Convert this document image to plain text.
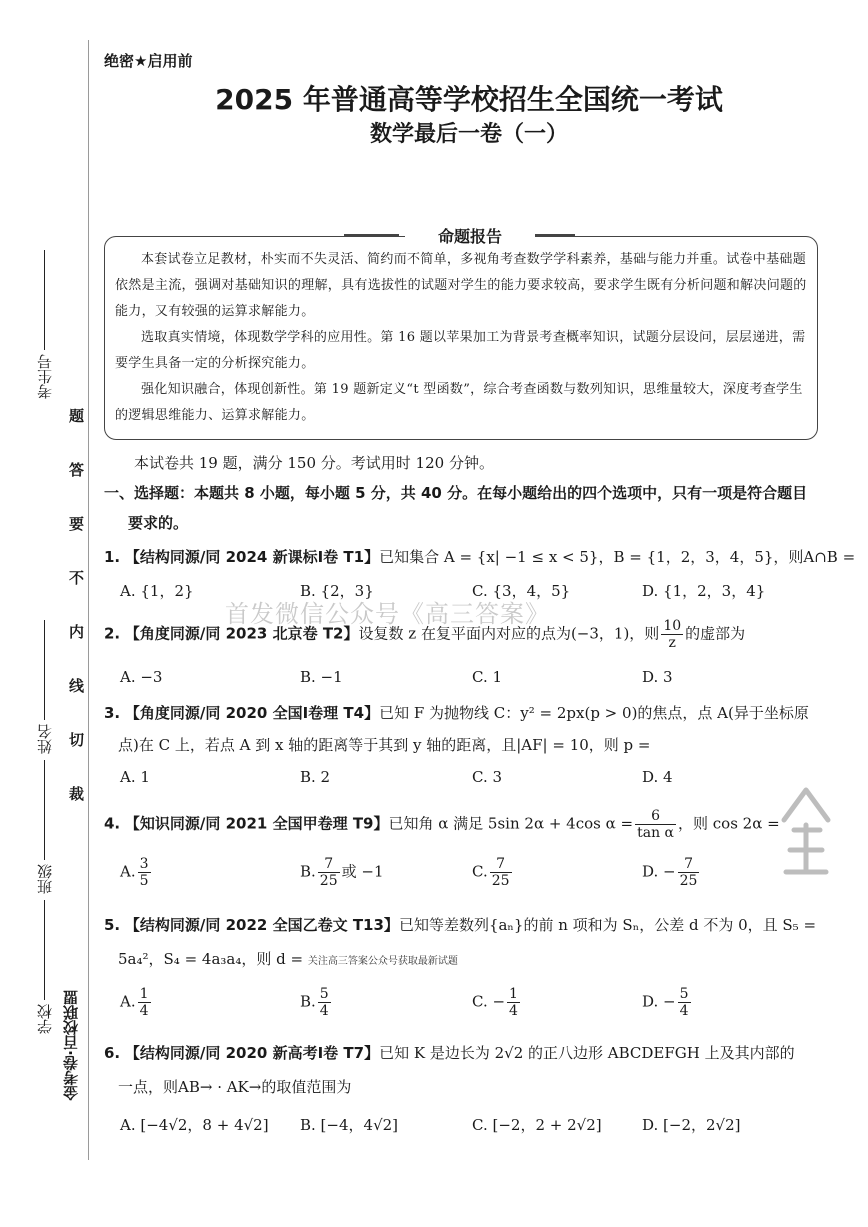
考生号
姓名
班级
学校
题
答
要
不
内
线
切
裁
金考卷·百校联盟
绝密★启用前
2025 年普通高等学校招生全国统一考试
数学最后一卷（一）
命题报告
本套试卷立足教材，朴实而不失灵活、简约而不简单，多视角考查数学学科素养，基础与能力并重。试卷中基础题依然是主流，强调对基础知识的理解，具有选拔性的试题对学生的能力要求较高，要求学生既有分析问题和解决问题的能力，又有较强的运算求解能力。
选取真实情境，体现数学学科的应用性。第 16 题以苹果加工为背景考查概率知识，试题分层设问，层层递进，需要学生具备一定的分析探究能力。
强化知识融合，体现创新性。第 19 题新定义“t 型函数”，综合考查函数与数列知识，思维量较大，深度考查学生的逻辑思维能力、运算求解能力。
本试卷共 19 题，满分 150 分。考试用时 120 分钟。
一、选择题：本题共 8 小题，每小题 5 分，共 40 分。在每小题给出的四个选项中，只有一项是符合题目
要求的。
1. 【结构同源/同 2024 新课标Ⅰ卷 T1】已知集合 A = {x| −1 ≤ x < 5}，B = {1，2，3，4，5}，则A∩B =
A. {1，2}	B. {2，3}	C. {3，4，5}	D. {1，2，3，4}
首发微信公众号《高三答案》
2. 【角度同源/同 2023 北京卷 T2】设复数 z 在复平面内对应的点为(−3，1)，则 $\frac{10}{z}$ 的虚部为
A. −3	B. −1	C. 1	D. 3
3. 【角度同源/同 2020 全国Ⅰ卷理 T4】已知 F 为抛物线 C：y² = 2px(p > 0)的焦点，点 A(异于坐标原
点)在 C 上，若点 A 到 x 轴的距离等于其到 y 轴的距离，且|AF| = 10，则 p =
A. 1	B. 2	C. 3	D. 4
4. 【知识同源/同 2021 全国甲卷理 T9】已知角 α 满足 5sin 2α + 4cos $\alpha = \frac{6}{\text{tan α}}$ ，则 cos 2α =
A. $\frac{3}{5}$	B. $\frac{7}{25}$ 或 −1	C. $\frac{7}{25}$	D. − $\frac{7}{25}$
5. 【结构同源/同 2022 全国乙卷文 T13】已知等差数列{aₙ}的前 n 项和为 Sₙ，公差 d 不为 0，且 S₅ =
5a₄²，S₄ = 4a₃a₄，则 d = 关注高三答案公众号获取最新试题
A. $\frac{1}{4}$	B. $\frac{5}{4}$	C. − $\frac{1}{4}$	D. − $\frac{5}{4}$
6. 【结构同源/同 2020 新高考Ⅰ卷 T7】已知 K 是边长为 2√2 的正八边形 ABCDEFGH 上及其内部的
一点，则AB→ · AK→的取值范围为
A. [−4√2，8 + 4√2] B. [−4，4√2]	C. [−2，2 + 2√2]	D. [−2，2√2]
